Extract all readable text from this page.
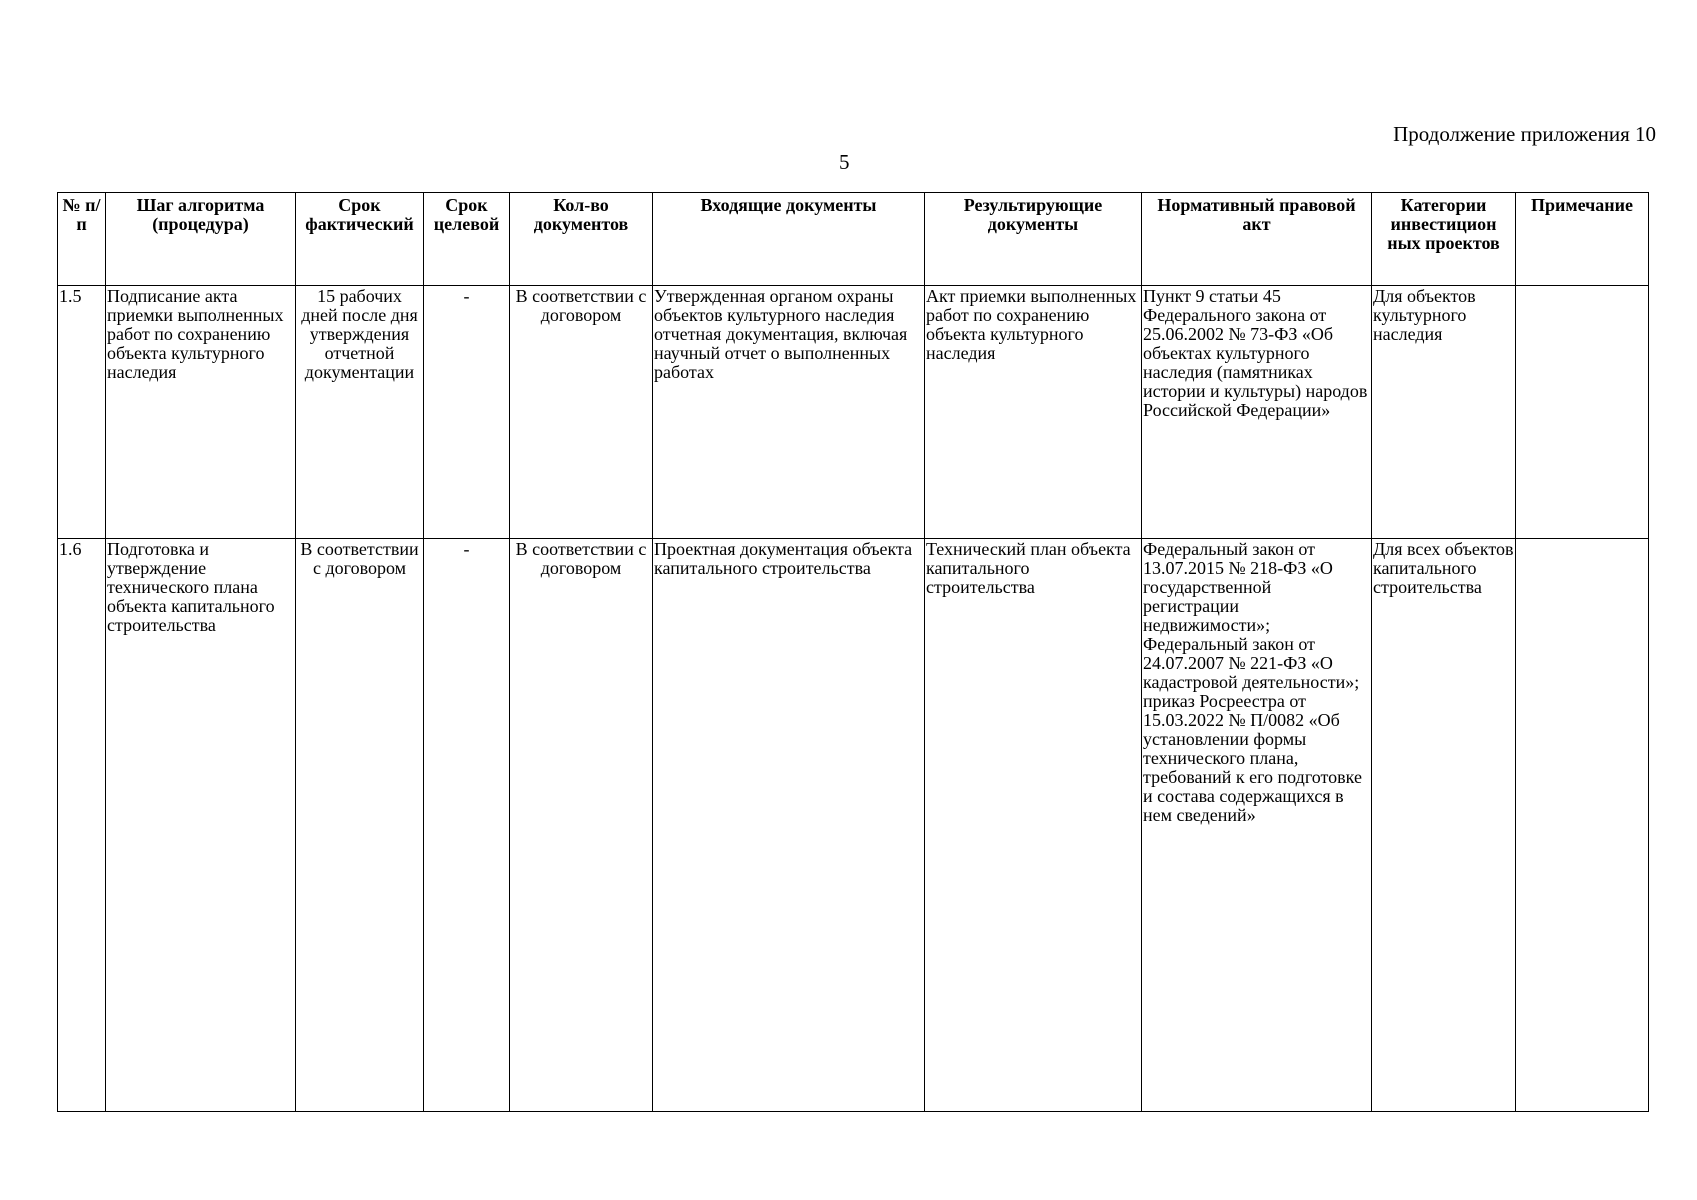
Продолжение приложения 10
5
№ п/п	Шаг алгоритма (процедура)	Срок фактический	Срок целевой	Кол-во документов	Входящие документы	Результирующие документы	Нормативный правовой акт	Категории инвестицион ных проектов	Примечание
1.5	Подписание акта приемки выполненных работ по сохранению объекта культурного наследия	15 рабочих дней после дня утверждения отчетной документации	-	В соответствии с договором	Утвержденная органом охраны объектов культурного наследия отчетная документация, включая научный отчет о выполненных работах	Акт приемки выполненных работ по сохранению объекта культурного наследия	Пункт 9 статьи 45 Федерального закона от 25.06.2002 № 73-ФЗ «Об объектах культурного наследия (памятниках истории и культуры) народов Российской Федерации»	Для объектов культурного наследия	
1.6	Подготовка и утверждение технического плана объекта капитального строительства	В соответствии с договором	-	В соответствии с договором	Проектная документация объекта капитального строительства	Технический план объекта капитального строительства	Федеральный закон от 13.07.2015 № 218-ФЗ «О государственной регистрации недвижимости»; Федеральный закон от 24.07.2007 № 221-ФЗ «О кадастровой деятельности»; приказ Росреестра от 15.03.2022 № П/0082 «Об установлении формы технического плана, требований к его подготовке и состава содержащихся в нем сведений»	Для всех объектов капитального строительства	
